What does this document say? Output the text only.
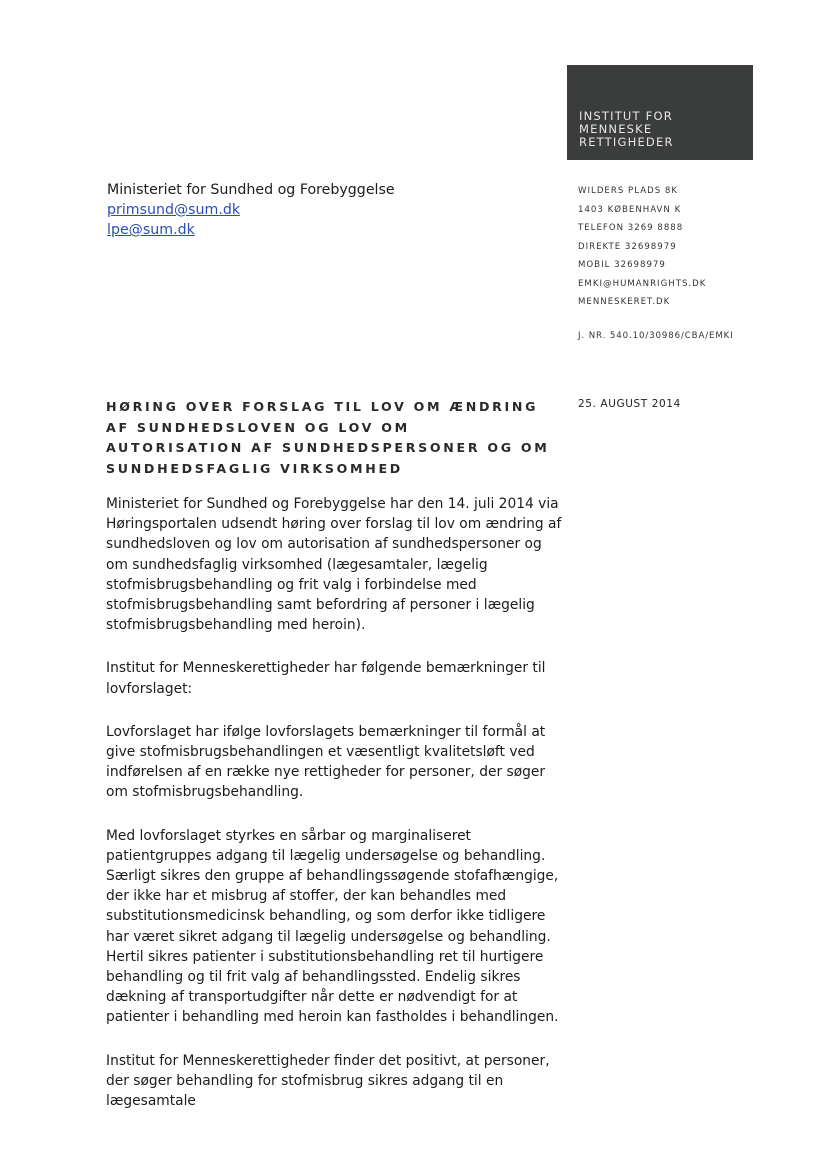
INSTITUT FOR
MENNESKE
RETTIGHEDER
Ministeriet for Sundhed og Forebyggelse
primsund@sum.dk
lpe@sum.dk
WILDERS PLADS 8K
1403 KØBENHAVN K
TELEFON 3269 8888
DIREKTE 32698979
MOBIL 32698979
EMKI@HUMANRIGHTS.DK
MENNESKERET.DK
J. NR. 540.10/30986/CBA/EMKI
HØRING OVER FORSLAG TIL LOV OM ÆNDRING AF SUNDHEDSLOVEN OG LOV OM AUTORISATION AF SUNDHEDSPERSONER OG OM SUNDHEDSFAGLIG VIRKSOMHED
25. AUGUST 2014

Ministeriet for Sundhed og Forebyggelse har den 14. juli 2014 via Høringsportalen udsendt høring over forslag til lov om ændring af sundhedsloven og lov om autorisation af sundhedspersoner og om sundhedsfaglig virksomhed (lægesamtaler, lægelig stofmisbrugsbehandling og frit valg i forbindelse med stofmisbrugsbehandling samt befordring af personer i lægelig stofmisbrugsbehandling med heroin).

Institut for Menneskerettigheder har følgende bemærkninger til lovforslaget:

Lovforslaget har ifølge lovforslagets bemærkninger til formål at give stofmisbrugsbehandlingen et væsentligt kvalitetsløft ved indførelsen af en række nye rettigheder for personer, der søger om stofmisbrugsbehandling.

Med lovforslaget styrkes en sårbar og marginaliseret patientgruppes adgang til lægelig undersøgelse og behandling. Særligt sikres den gruppe af behandlingssøgende stofafhængige, der ikke har et misbrug af stoffer, der kan behandles med substitutionsmedicinsk behandling, og som derfor ikke tidligere har været sikret adgang til lægelig undersøgelse og behandling. Hertil sikres patienter i substitutionsbehandling ret til hurtigere behandling og til frit valg af behandlingssted. Endelig sikres dækning af transportudgifter når dette er nødvendigt for at patienter i behandling med heroin kan fastholdes i behandlingen.

Institut for Menneskerettigheder finder det positivt, at personer, der søger behandling for stofmisbrug sikres adgang til en lægesamtale
